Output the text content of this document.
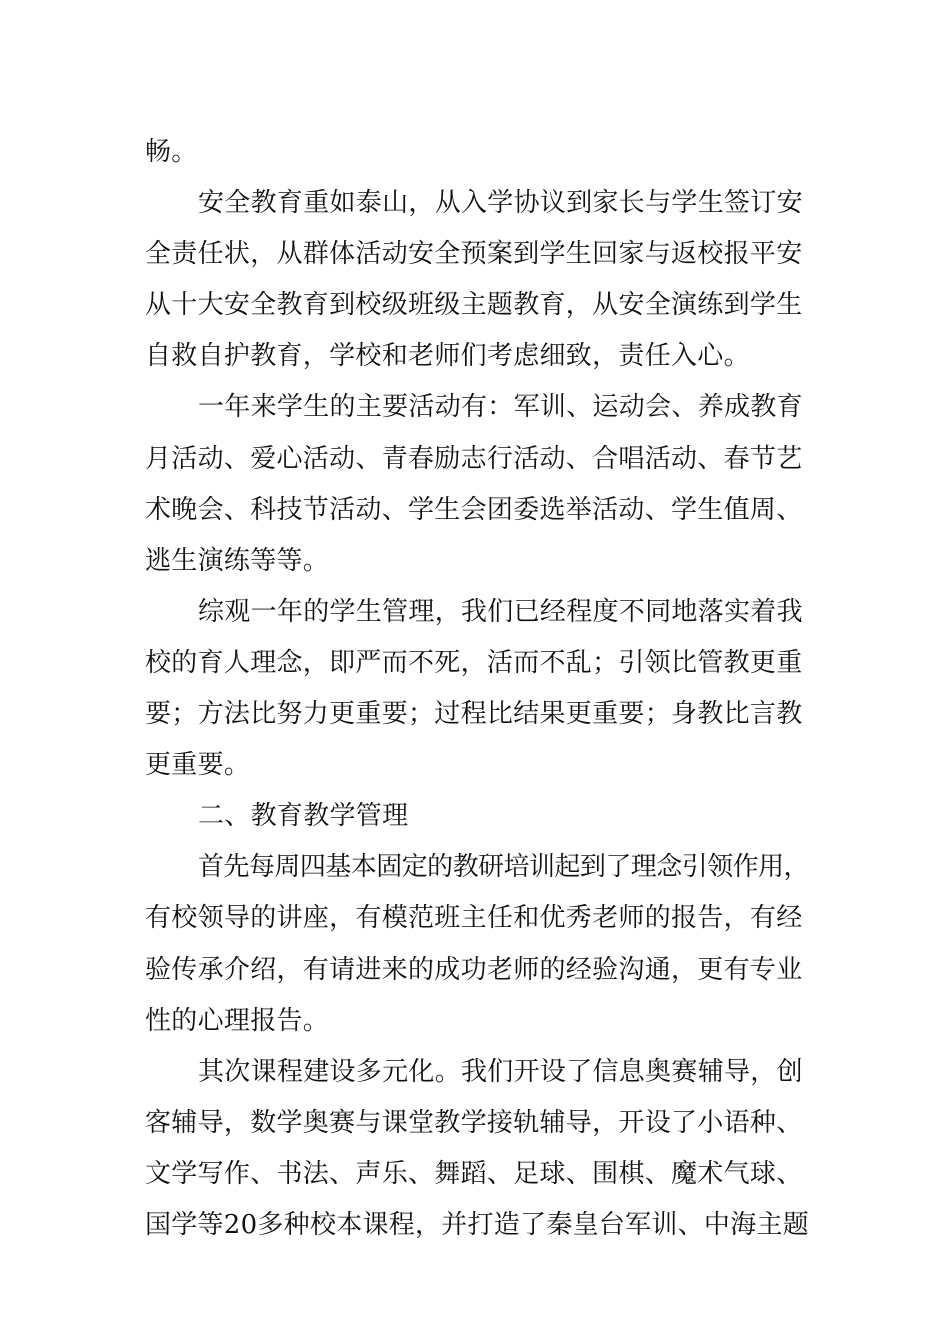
畅。
安全教育重如泰山，从入学协议到家长与学生签订安
全责任状，从群体活动安全预案到学生回家与返校报平安
从十大安全教育到校级班级主题教育，从安全演练到学生
自救自护教育，学校和老师们考虑细致，责任入心。
一年来学生的主要活动有：军训、运动会、养成教育
月活动、爱心活动、青春励志行活动、合唱活动、春节艺
术晚会、科技节活动、学生会团委选举活动、学生值周、
逃生演练等等。
综观一年的学生管理，我们已经程度不同地落实着我
校的育人理念，即严而不死，活而不乱；引领比管教更重
要；方法比努力更重要；过程比结果更重要；身教比言教
更重要。
二、教育教学管理
首先每周四基本固定的教研培训起到了理念引领作用，
有校领导的讲座，有模范班主任和优秀老师的报告，有经
验传承介绍，有请进来的成功老师的经验沟通，更有专业
性的心理报告。
其次课程建设多元化。我们开设了信息奥赛辅导，创
客辅导，数学奥赛与课堂教学接轨辅导，开设了小语种、
文学写作、书法、声乐、舞蹈、足球、围棋、魔术气球、
国学等20多种校本课程，并打造了秦皇台军训、中海主题
